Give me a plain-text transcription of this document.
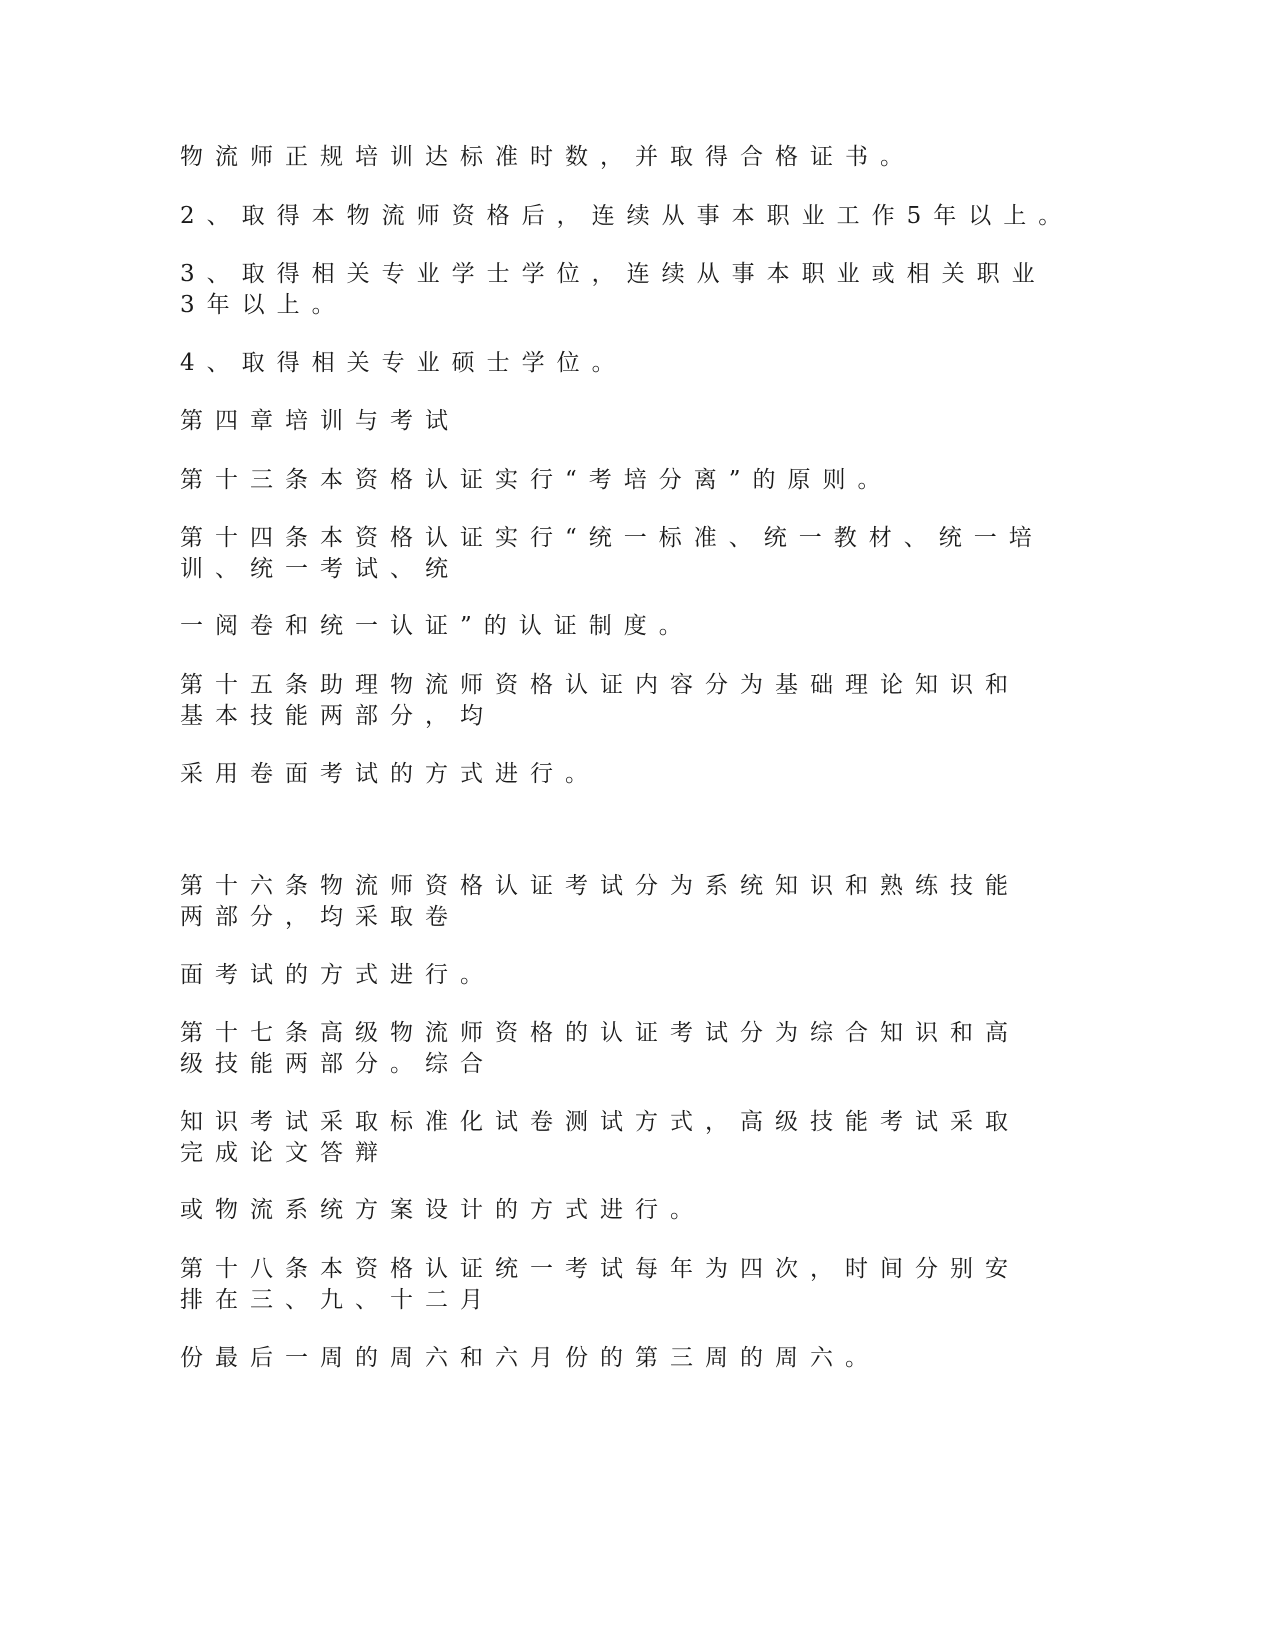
物流师正规培训达标准时数，并取得合格证书。

2、取得本物流师资格后，连续从事本职业工作5年以上。

3、取得相关专业学士学位，连续从事本职业或相关职业
3年以上。

4、取得相关专业硕士学位。

第四章培训与考试

第十三条本资格认证实行“考培分离”的原则。

第十四条本资格认证实行“统一标准、统一教材、统一培
训、统一考试、统

一阅卷和统一认证”的认证制度。

第十五条助理物流师资格认证内容分为基础理论知识和
基本技能两部分，均

采用卷面考试的方式进行。

第十六条物流师资格认证考试分为系统知识和熟练技能
两部分，均采取卷

面考试的方式进行。

第十七条高级物流师资格的认证考试分为综合知识和高
级技能两部分。综合

知识考试采取标准化试卷测试方式，高级技能考试采取
完成论文答辩

或物流系统方案设计的方式进行。

第十八条本资格认证统一考试每年为四次，时间分别安
排在三、九、十二月

份最后一周的周六和六月份的第三周的周六。
